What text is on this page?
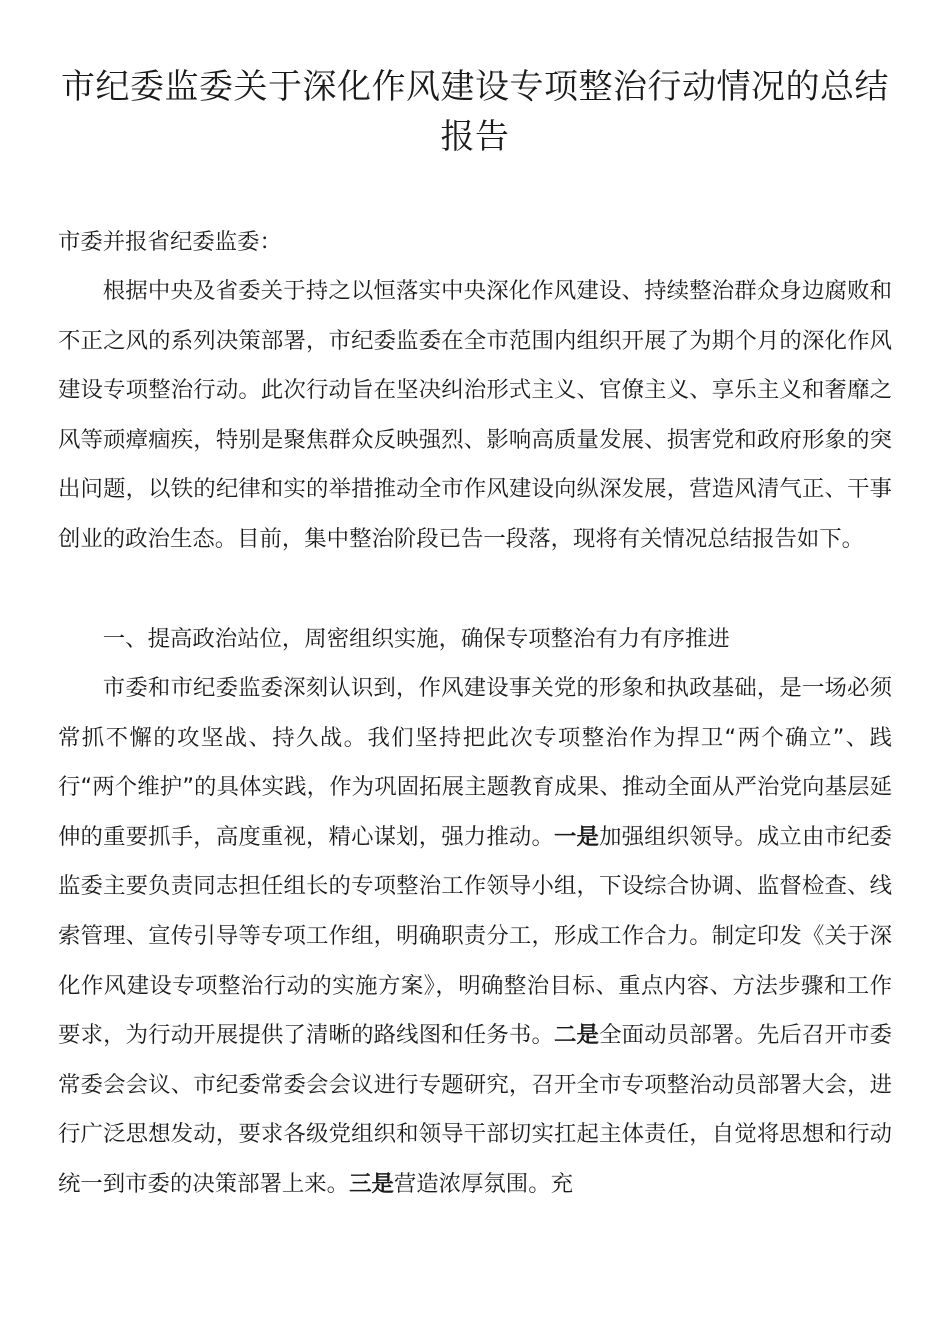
市纪委监委关于深化作风建设专项整治行动情况的总结报告

市委并报省纪委监委：

根据中央及省委关于持之以恒落实中央深化作风建设、持续整治群众身边腐败和不正之风的系列决策部署，市纪委监委在全市范围内组织开展了为期个月的深化作风建设专项整治行动。此次行动旨在坚决纠治形式主义、官僚主义、享乐主义和奢靡之风等顽瘴痼疾，特别是聚焦群众反映强烈、影响高质量发展、损害党和政府形象的突出问题，以铁的纪律和实的举措推动全市作风建设向纵深发展，营造风清气正、干事创业的政治生态。目前，集中整治阶段已告一段落，现将有关情况总结报告如下。

一、提高政治站位，周密组织实施，确保专项整治有力有序推进

市委和市纪委监委深刻认识到，作风建设事关党的形象和执政基础，是一场必须常抓不懈的攻坚战、持久战。我们坚持把此次专项整治作为捍卫“两个确立”、践行“两个维护”的具体实践，作为巩固拓展主题教育成果、推动全面从严治党向基层延伸的重要抓手，高度重视，精心谋划，强力推动。一是加强组织领导。成立由市纪委监委主要负责同志担任组长的专项整治工作领导小组，下设综合协调、监督检查、线索管理、宣传引导等专项工作组，明确职责分工，形成工作合力。制定印发《关于深化作风建设专项整治行动的实施方案》，明确整治目标、重点内容、方法步骤和工作要求，为行动开展提供了清晰的路线图和任务书。二是全面动员部署。先后召开市委常委会会议、市纪委常委会会议进行专题研究，召开全市专项整治动员部署大会，进行广泛思想发动，要求各级党组织和领导干部切实扛起主体责任，自觉将思想和行动统一到市委的决策部署上来。三是营造浓厚氛围。充
